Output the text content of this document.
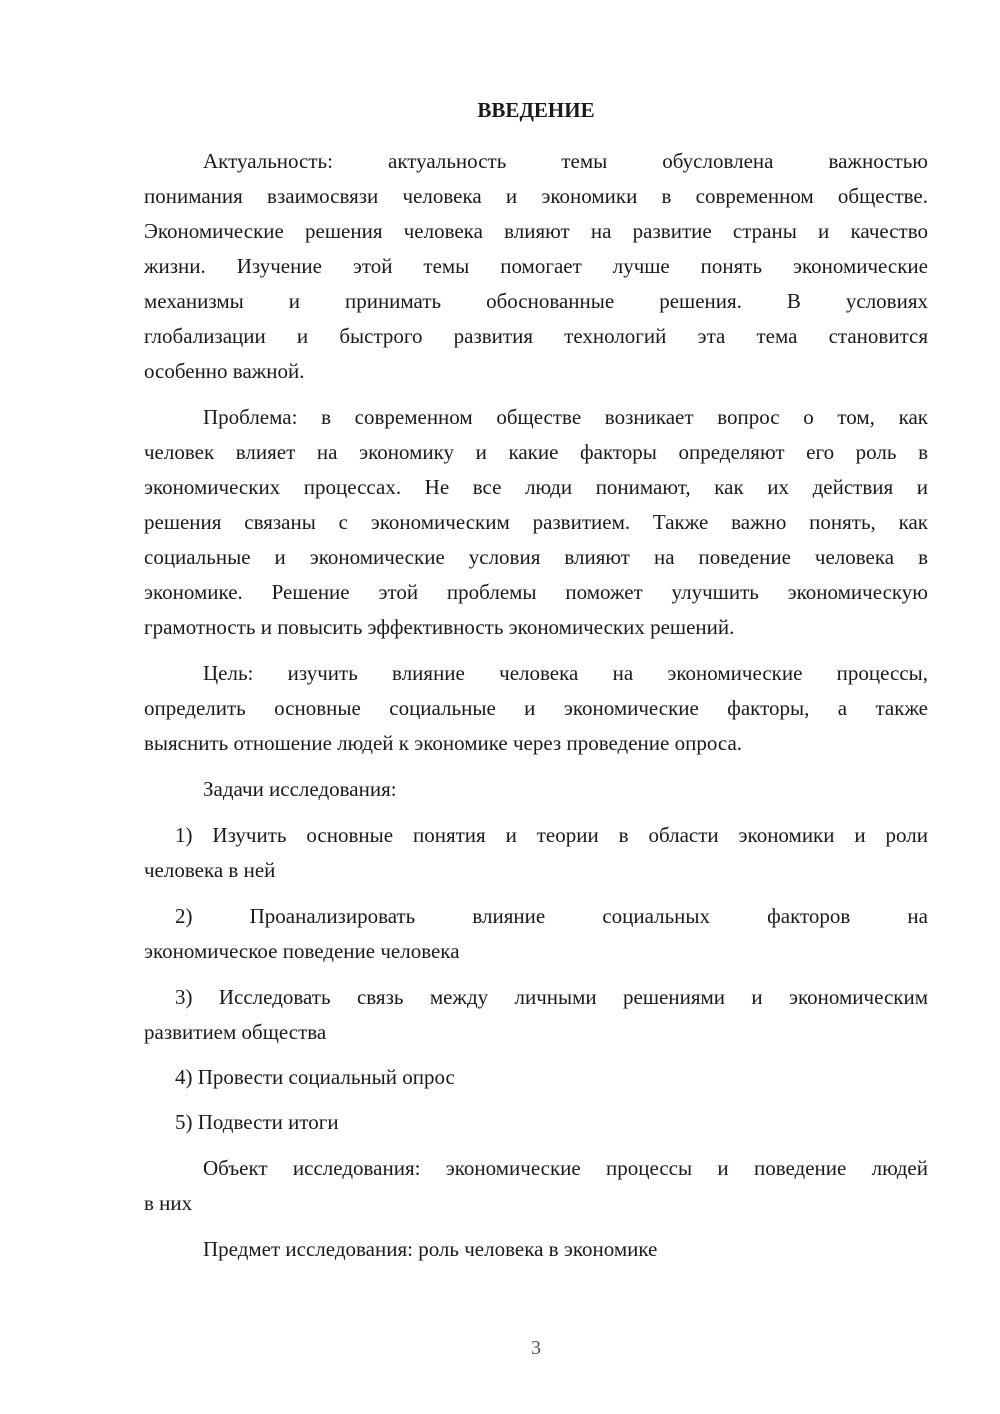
ВВЕДЕНИЕ
Актуальность: актуальность темы обусловлена важностью
понимания взаимосвязи человека и экономики в современном обществе.
Экономические решения человека влияют на развитие страны и качество
жизни. Изучение этой темы помогает лучше понять экономические
механизмы и принимать обоснованные решения. В условиях
глобализации и быстрого развития технологий эта тема становится
особенно важной.
Проблема: в современном обществе возникает вопрос о том, как
человек влияет на экономику и какие факторы определяют его роль в
экономических процессах. Не все люди понимают, как их действия и
решения связаны с экономическим развитием. Также важно понять, как
социальные и экономические условия влияют на поведение человека в
экономике. Решение этой проблемы поможет улучшить экономическую
грамотность и повысить эффективность экономических решений.
Цель: изучить влияние человека на экономические процессы,
определить основные социальные и экономические факторы, а также
выяснить отношение людей к экономике через проведение опроса.
Задачи исследования:
1) Изучить основные понятия и теории в области экономики и роли
человека в ней
2) Проанализировать влияние социальных факторов на
экономическое поведение человека
3) Исследовать связь между личными решениями и экономическим
развитием общества
4) Провести социальный опрос
5) Подвести итоги
Объект исследования: экономические процессы и поведение людей
в них
Предмет исследования: роль человека в экономике
3
